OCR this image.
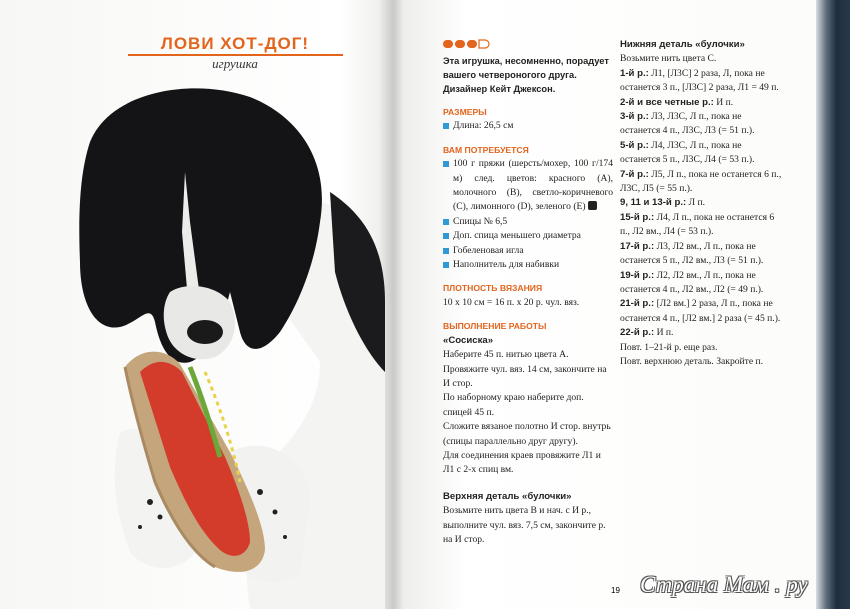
ЛОВИ ХОТ-ДОГ!
игрушка	Эта игрушка, несомненно, порадует вашего четвероногого друга. Дизайнер Кейт Джексон.

РАЗМЕРЫ
Длина: 26,5 см
ВАМ ПОТРЕБУЕТСЯ
100 г пряжи (шерсть/мохер, 100 г/174 м) след. цветов: красного (А), молочного (В), светло-коричневого (С), лимонного (D), зеленого (E)
Спицы № 6,5
Доп. спица меньшего диаметра
Гобеленовая игла
Наполнитель для набивки
ПЛОТНОСТЬ ВЯЗАНИЯ

10 х 10 см = 16 п. х 20 р. чул. вяз.

ВЫПОЛНЕНИЕ РАБОТЫ
«Сосиска»

Наберите 45 п. нитью цвета А.

Провяжите чул. вяз. 14 см, закончите на И стор.

По наборному краю наберите доп. спицей 45 п.

Сложите вязаное полотно И стор. внутрь (спицы параллельно друг другу).

Для соединения краев провяжите Л1 и Л1 с 2-х спиц вм.

Верхняя деталь «булочки»

Возьмите нить цвета В и нач. с И р., выполните чул. вяз. 7,5 см, закончите р. на И стор.

Нижняя деталь «булочки»

Возьмите нить цвета С.

1-й р.: Л1, [Л3С] 2 раза, Л, пока не останется 3 п., [Л3С] 2 раза, Л1 = 49 п.

2-й и все четные р.: И п.

3-й р.: Л3, Л3С, Л п., пока не останется 4 п., Л3С, Л3 (= 51 п.).

5-й р.: Л4, Л3С, Л п., пока не останется 5 п., Л3С, Л4 (= 53 п.).

7-й р.: Л5, Л п., пока не останется 6 п., Л3С, Л5 (= 55 п.).

9, 11 и 13-й р.: Л п.

15-й р.: Л4, Л п., пока не останется 6 п., Л2 вм., Л4 (= 53 п.).

17-й р.: Л3, Л2 вм., Л п., пока не останется 5 п., Л2 вм., Л3 (= 51 п.).

19-й р.: Л2, Л2 вм., Л п., пока не останется 4 п., Л2 вм., Л2 (= 49 п.).

21-й р.: [Л2 вм.] 2 раза, Л п., пока не останется 4 п., [Л2 вм.] 2 раза (= 45 п.).

22-й р.: И п.

Повт. 1–21-й р. еще раз.

Повт. верхнюю деталь. Закройте п.

19 Страна Мам . ру
